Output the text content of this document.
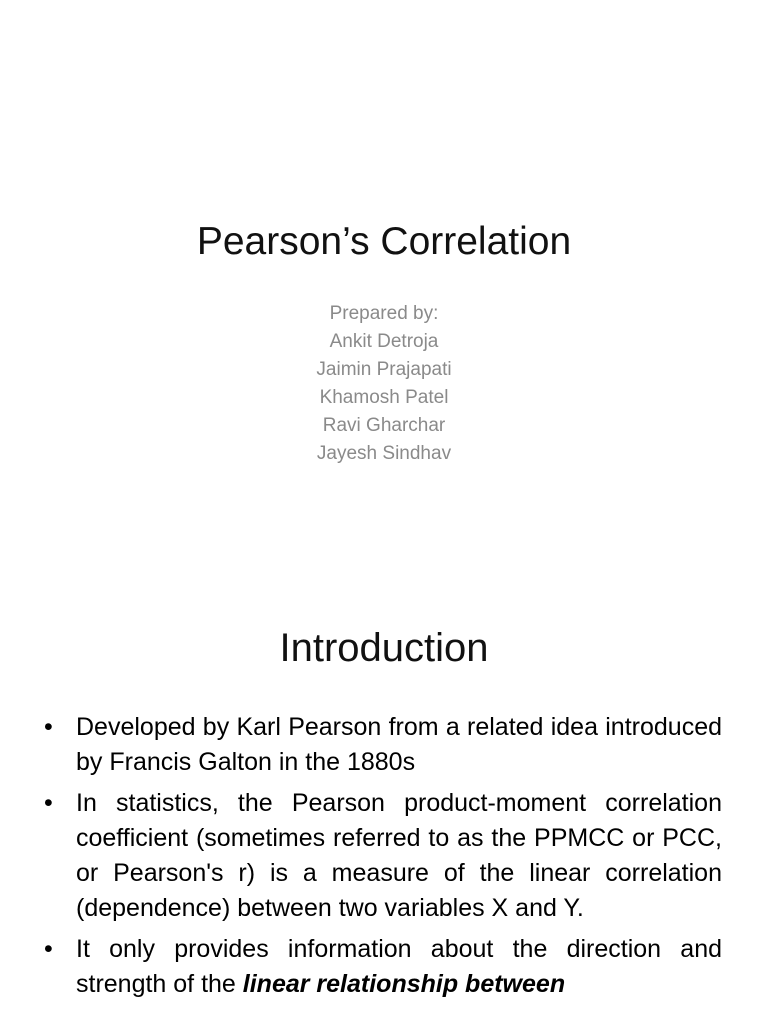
Pearson’s Correlation
Prepared by:
Ankit Detroja
Jaimin Prajapati
Khamosh Patel
Ravi Gharchar
Jayesh Sindhav
Introduction
• Developed by Karl Pearson from a related idea introduced by Francis Galton in the 1880s
• In statistics, the Pearson product-moment correlation coefficient (sometimes referred to as the PPMCC or PCC, or Pearson's r) is a measure of the linear correlation (dependence) between two variables X and Y.
• It only provides information about the direction and strength of the linear relationship between
